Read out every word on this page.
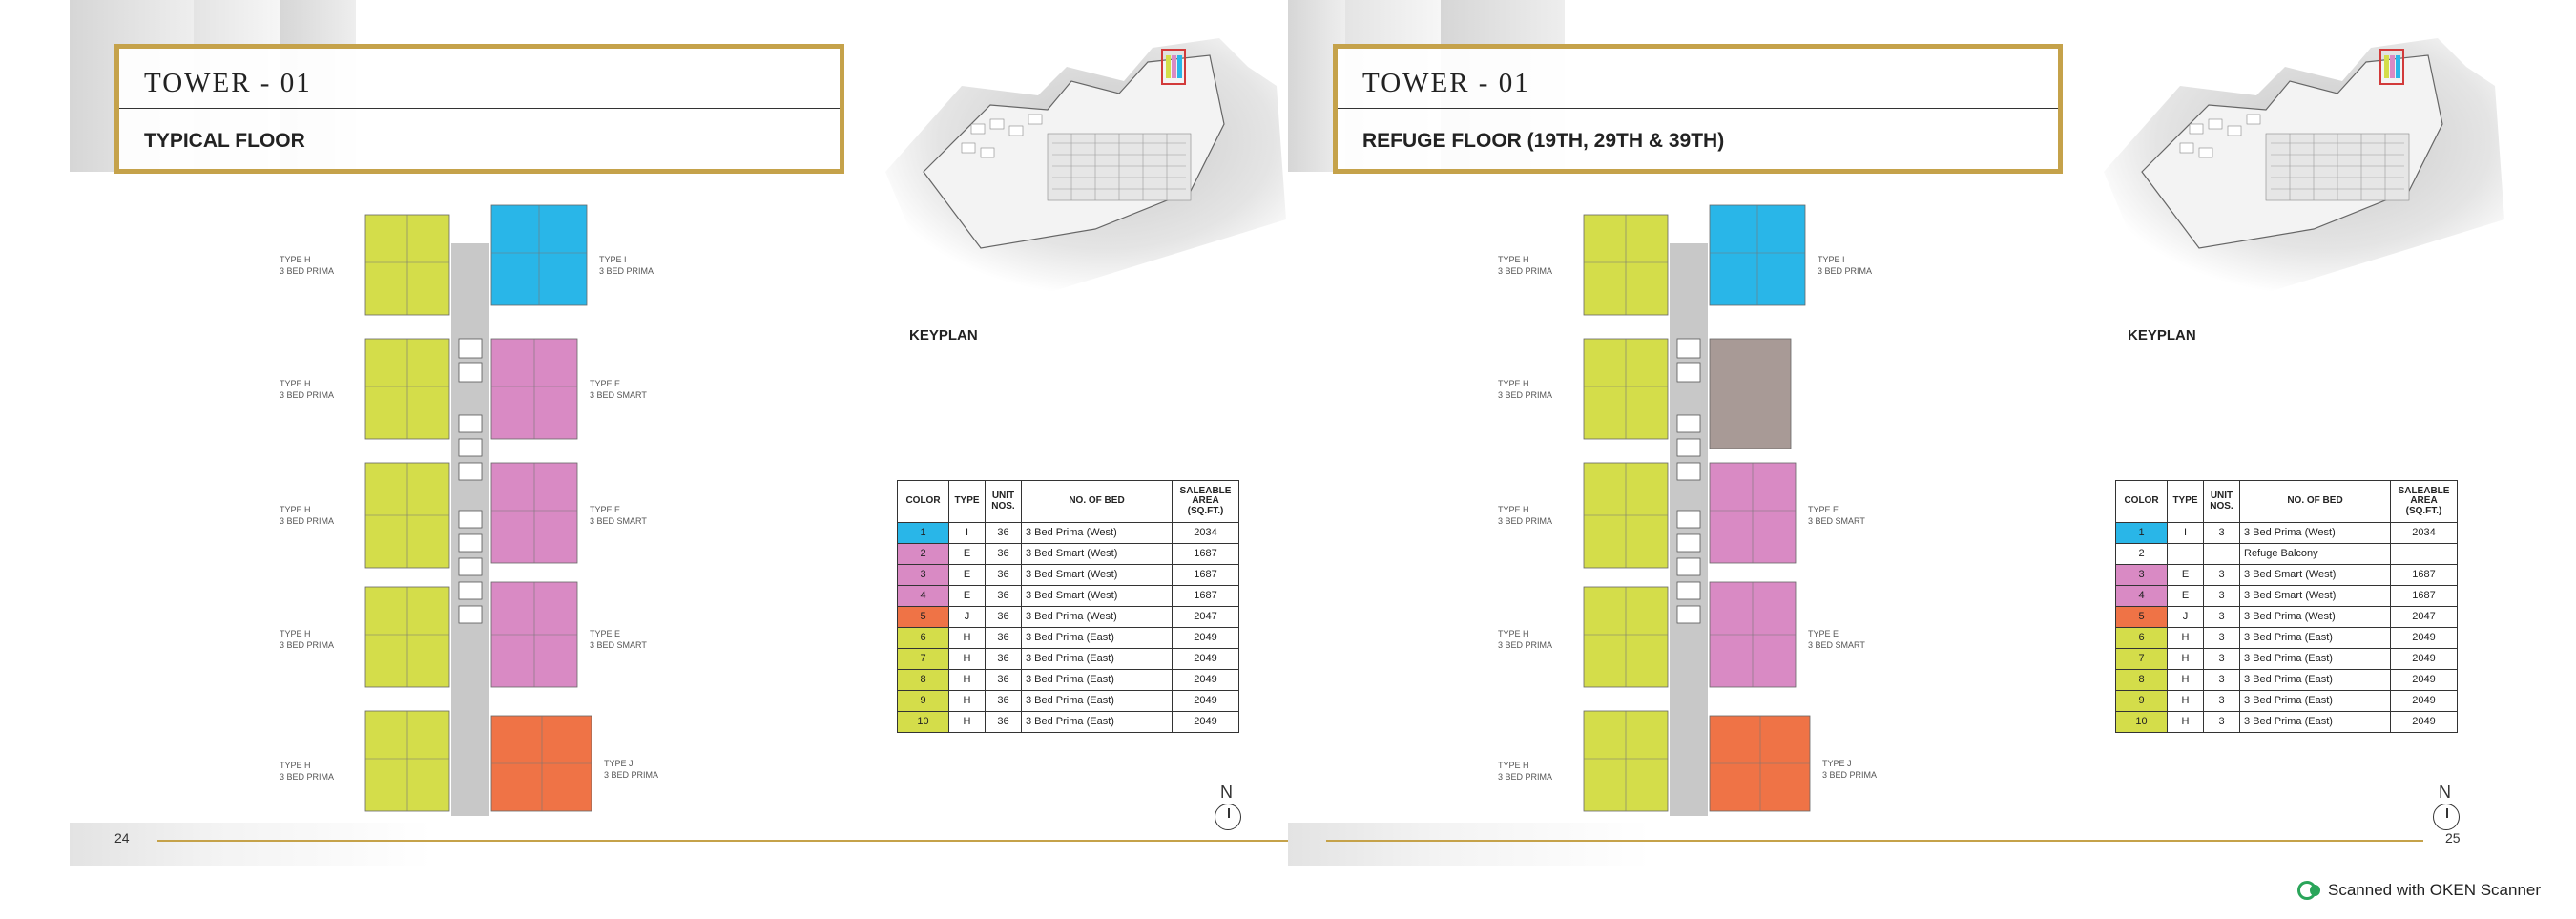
TOWER - 01
TYPICAL FLOOR
KEYPLAN
TYPE H
3 BED PRIMA
TYPE I
3 BED PRIMA
TYPE H
3 BED PRIMA
TYPE E
3 BED SMART
TYPE H
3 BED PRIMA
TYPE E
3 BED SMART
TYPE H
3 BED PRIMA
TYPE E
3 BED SMART
TYPE H
3 BED PRIMA
TYPE J
3 BED PRIMA
COLOR	TYPE	UNIT NOS.	NO. OF BED	SALEABLE AREA (SQ.FT.)
1	I	36	3 Bed Prima (West)	2034
2	E	36	3 Bed Smart (West)	1687
3	E	36	3 Bed Smart (West)	1687
4	E	36	3 Bed Smart (West)	1687
5	J	36	3 Bed Prima (West)	2047
6	H	36	3 Bed Prima (East)	2049
7	H	36	3 Bed Prima (East)	2049
8	H	36	3 Bed Prima (East)	2049
9	H	36	3 Bed Prima (East)	2049
10	H	36	3 Bed Prima (East)	2049
N
24
TOWER - 01
REFUGE FLOOR (19TH, 29TH & 39TH)
KEYPLAN
TYPE H
3 BED PRIMA
TYPE I
3 BED PRIMA
TYPE H
3 BED PRIMA
TYPE H
3 BED PRIMA
TYPE E
3 BED SMART
TYPE H
3 BED PRIMA
TYPE E
3 BED SMART
TYPE H
3 BED PRIMA
TYPE J
3 BED PRIMA
COLOR	TYPE	UNIT NOS.	NO. OF BED	SALEABLE AREA (SQ.FT.)
1	I	3	3 Bed Prima (West)	2034
2			Refuge Balcony	
3	E	3	3 Bed Smart (West)	1687
4	E	3	3 Bed Smart (West)	1687
5	J	3	3 Bed Prima (West)	2047
6	H	3	3 Bed Prima (East)	2049
7	H	3	3 Bed Prima (East)	2049
8	H	3	3 Bed Prima (East)	2049
9	H	3	3 Bed Prima (East)	2049
10	H	3	3 Bed Prima (East)	2049
N
25
Scanned with OKEN Scanner
